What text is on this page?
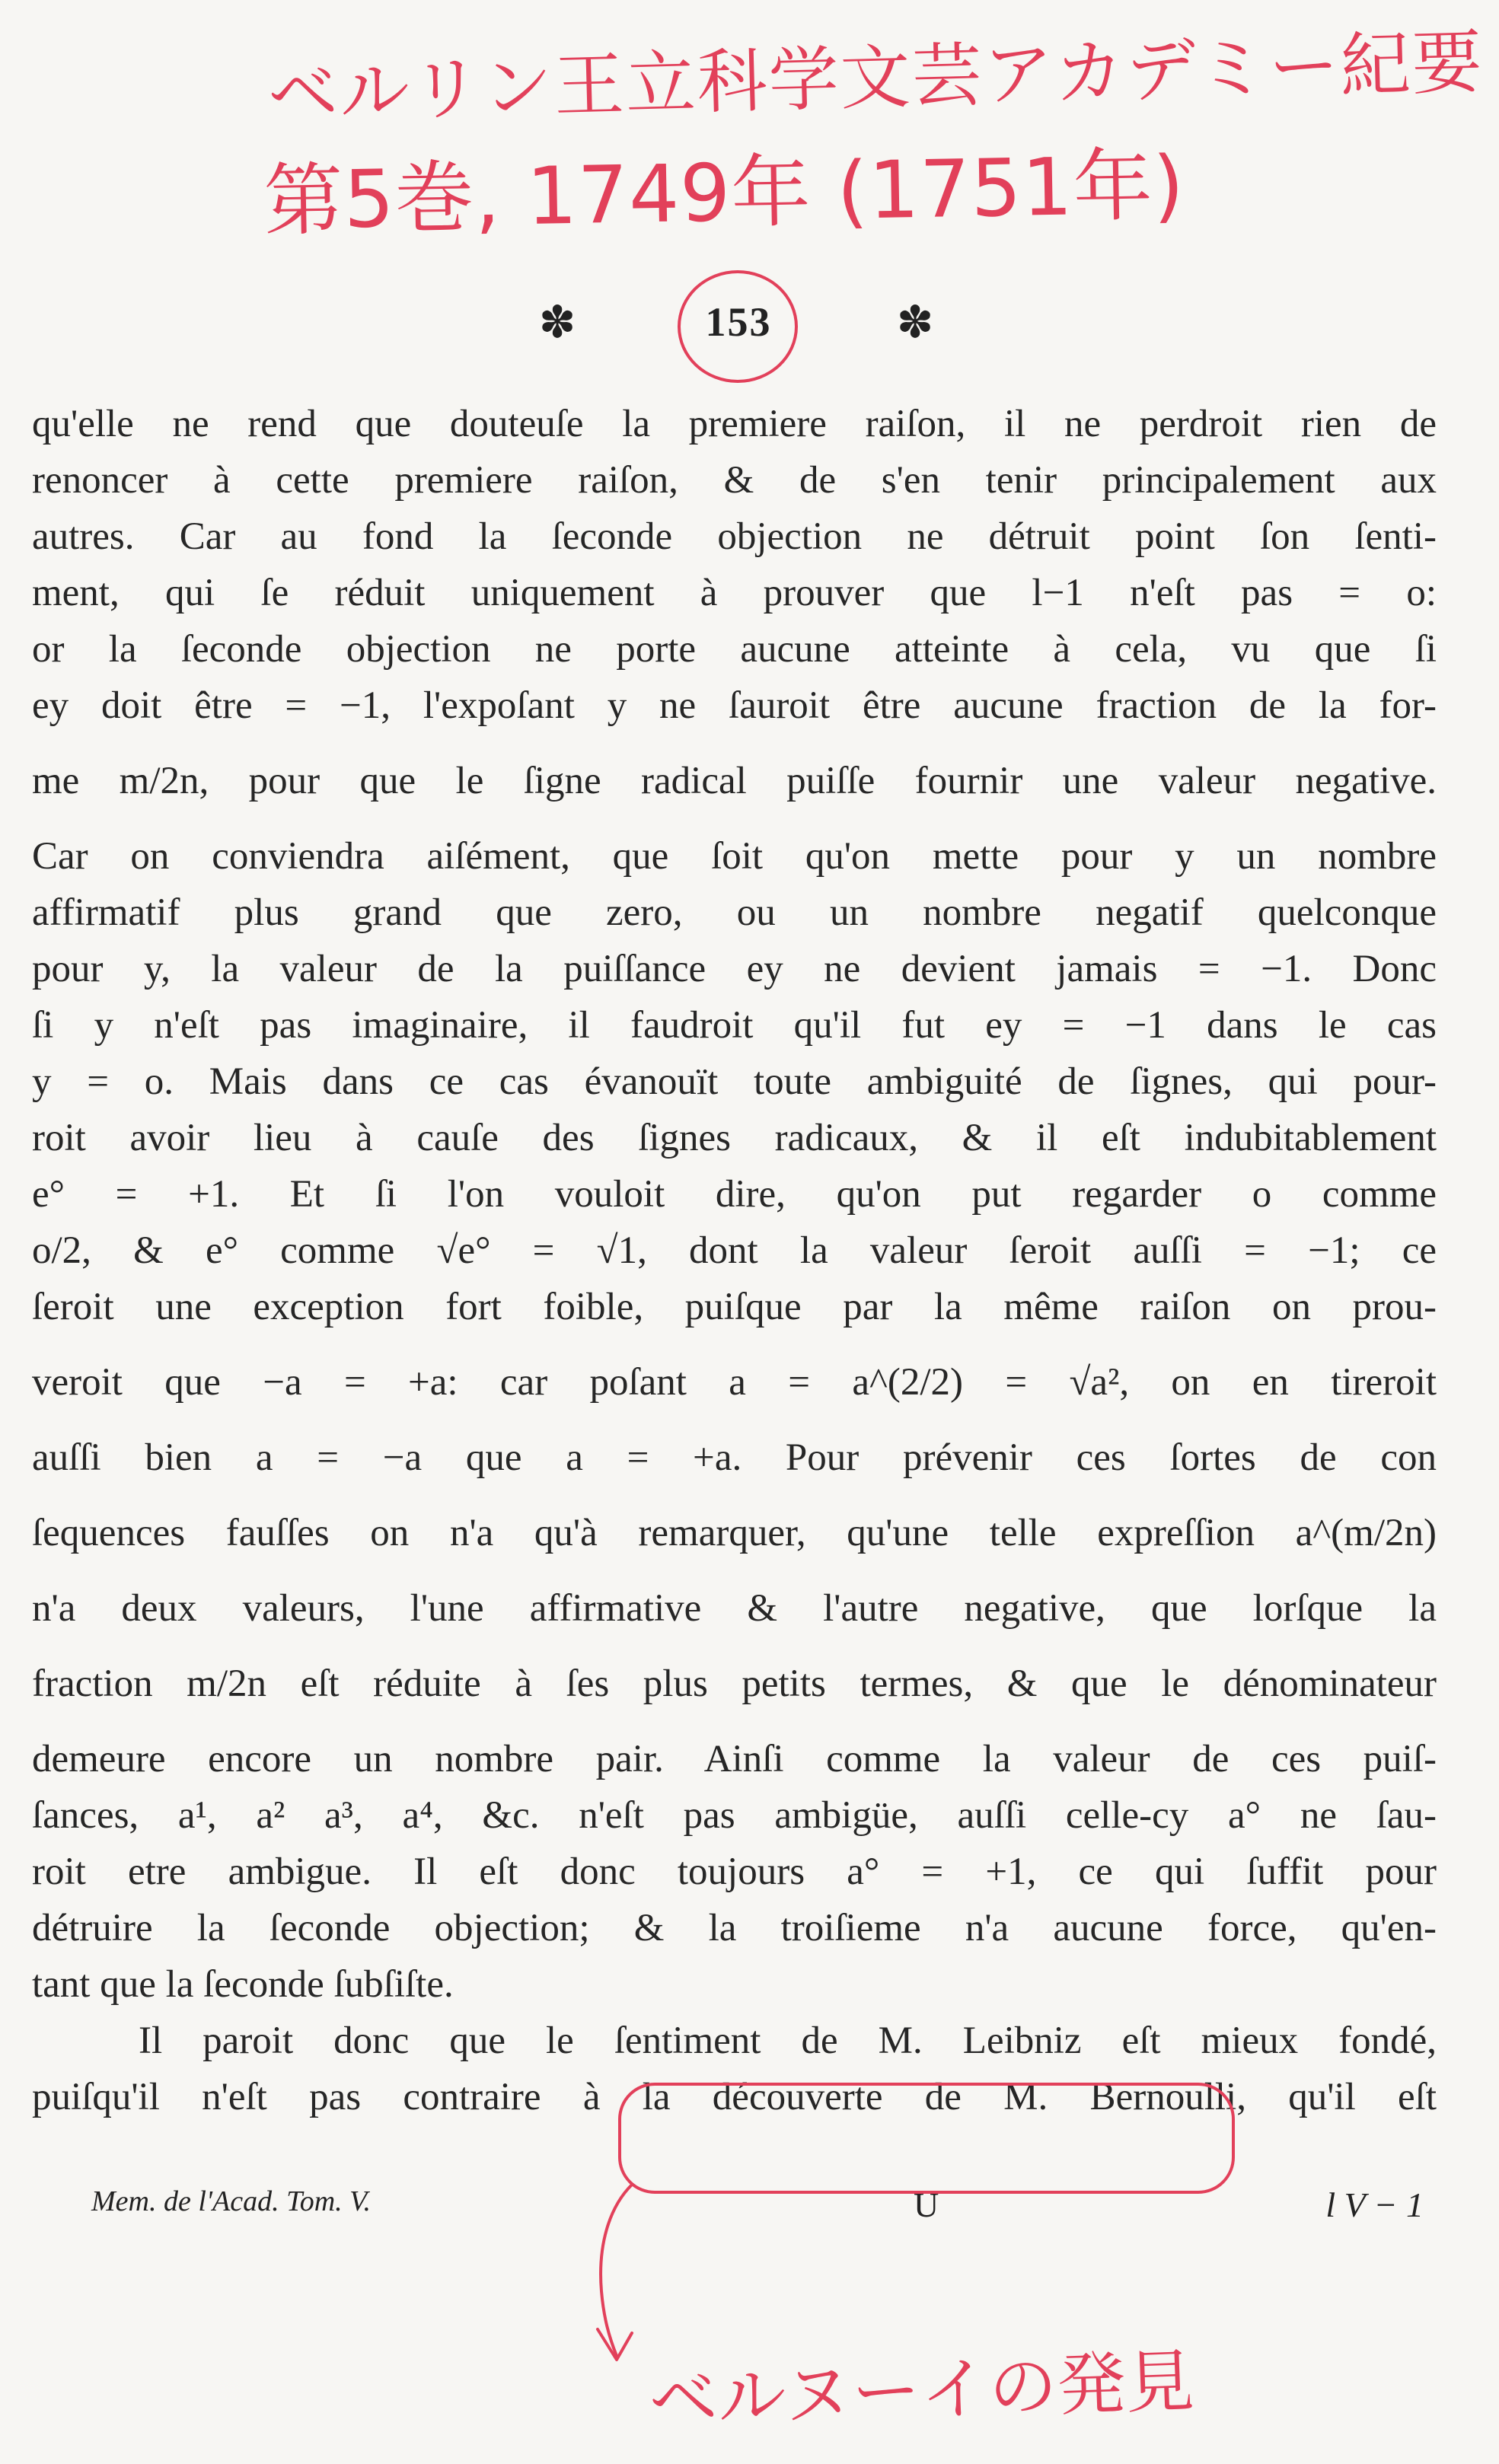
ベルリン王立科学文芸アカデミー紀要
第5巻, 1749年 (1751年)
✽	153	✽
qu'elle ne rend que douteuſe la premiere raiſon, il ne perdroit rien de
renoncer à cette premiere raiſon, & de s'en tenir principalement aux
autres. Car au fond la ſeconde objection ne détruit point ſon ſenti-
ment, qui ſe réduit uniquement à prouver que l−1 n'eſt pas = o:
or la ſeconde objection ne porte aucune atteinte à cela, vu que ſi
ey doit être = −1, l'expoſant y ne ſauroit être aucune fraction de la for-
me m/2n, pour que le ſigne radical puiſſe fournir une valeur negative.
Car on conviendra aiſément, que ſoit qu'on mette pour y un nombre
affirmatif plus grand que zero, ou un nombre negatif quelconque
pour y, la valeur de la puiſſance ey ne devient jamais = −1. Donc
ſi y n'eſt pas imaginaire, il faudroit qu'il fut ey = −1 dans le cas
y = o. Mais dans ce cas évanouït toute ambiguité de ſignes, qui pour-
roit avoir lieu à cauſe des ſignes radicaux, & il eſt indubitablement
e° = +1. Et ſi l'on vouloit dire, qu'on put regarder o comme
o/2, & e° comme √e° = √1, dont la valeur ſeroit auſſi = −1; ce
ſeroit une exception fort foible, puiſque par la même raiſon on prou-
veroit que −a = +a: car poſant a = a^(2/2) = √a², on en tireroit
auſſi bien a = −a que a = +a. Pour prévenir ces ſortes de con
ſequences fauſſes on n'a qu'à remarquer, qu'une telle expreſſion a^(m/2n)
n'a deux valeurs, l'une affirmative & l'autre negative, que lorſque la
fraction m/2n eſt réduite à ſes plus petits termes, & que le dénominateur
demeure encore un nombre pair. Ainſi comme la valeur de ces puiſ-
ſances, a¹, a² a³, a⁴, &c. n'eſt pas ambigüe, auſſi celle-cy a° ne ſau-
roit etre ambigue. Il eſt donc toujours a° = +1, ce qui ſuffit pour
détruire la ſeconde objection; & la troiſieme n'a aucune force, qu'en-
tant que la ſeconde ſubſiſte.
Il paroit donc que le ſentiment de M. Leibniz eſt mieux fondé,
puiſqu'il n'eſt pas contraire à la découverte de M. Bernoulli, qu'il eſt
Mem. de l'Acad. Tom. V.	U	l V − 1
ベルヌーイの発見
